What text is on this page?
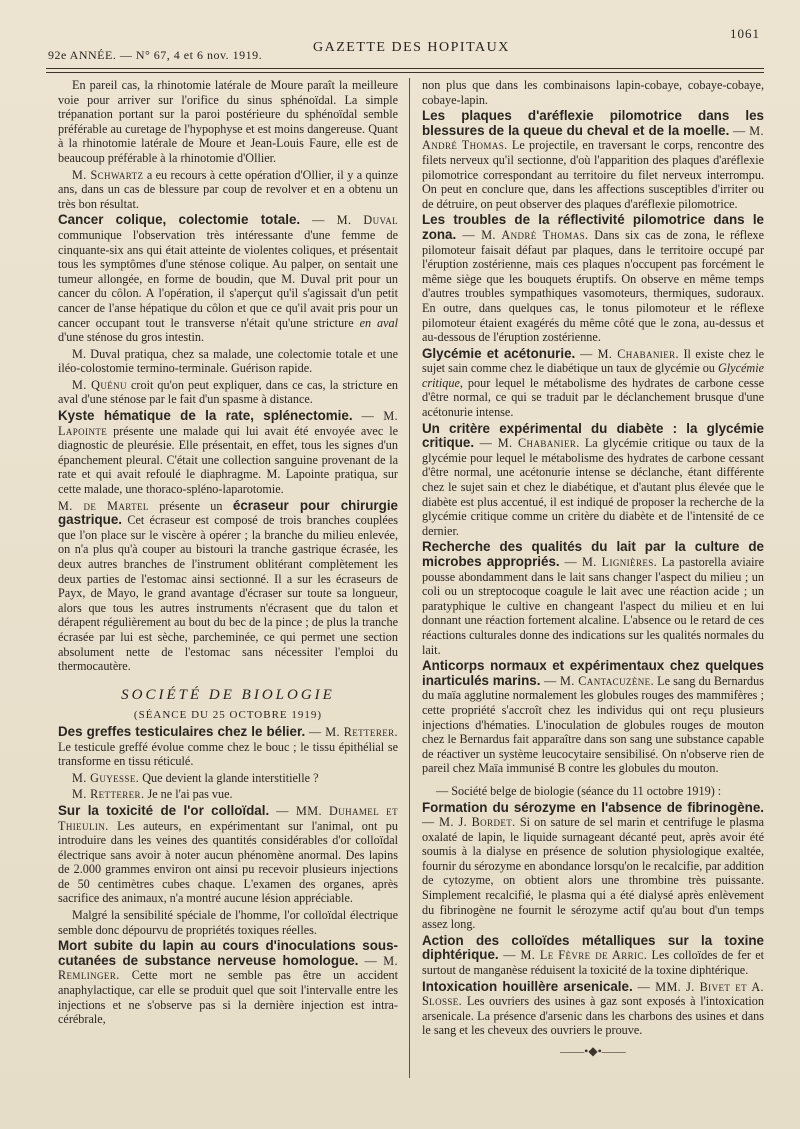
1061
92e ANNÉE. — N° 67, 4 et 6 nov. 1919.	GAZETTE DES HOPITAUX

En pareil cas, la rhinotomie latérale de Moure paraît la meilleure voie pour arriver sur l'orifice du sinus sphénoïdal. La simple trépanation portant sur la paroi postérieure du sphénoïdal semble préférable au curetage de l'hypophyse et est moins dangereuse. Quant à la rhinotomie latérale de Moure et Jean-Louis Faure, elle est de beaucoup préférable à la rhinotomie d'Ollier.

M. Schwartz a eu recours à cette opération d'Ollier, il y a quinze ans, dans un cas de blessure par coup de revolver et en a obtenu un très bon résultat.

Cancer colique, colectomie totale. — M. Duval communique l'observation très intéressante d'une femme de cinquante-six ans qui était atteinte de violentes coliques, et présentait tous les symptômes d'une sténose colique. Au palper, on sentait une tumeur allongée, en forme de boudin, que M. Duval prit pour un cancer du côlon. A l'opération, il s'aperçut qu'il s'agissait d'un petit cancer de l'anse hépatique du côlon et que ce qu'il avait pris pour un cancer occupant tout le transverse n'était qu'une stricture en aval d'une sténose du gros intestin.

M. Duval pratiqua, chez sa malade, une colectomie totale et une iléo-colostomie termino-terminale. Guérison rapide.

M. Quénu croit qu'on peut expliquer, dans ce cas, la stricture en aval d'une sténose par le fait d'un spasme à distance.

Kyste hématique de la rate, splénectomie. — M. Lapointe présente une malade qui lui avait été envoyée avec le diagnostic de pleurésie. Elle présentait, en effet, tous les signes d'un épanchement pleural. C'était une collection sanguine provenant de la rate et qui avait refoulé le diaphragme. M. Lapointe pratiqua, sur cette malade, une thoraco-spléno-laparotomie.

M. de Martel présente un écraseur pour chirurgie gastrique. Cet écraseur est composé de trois branches couplées que l'on place sur le viscère à opérer ; la branche du milieu enlevée, on n'a plus qu'à couper au bistouri la tranche gastrique écrasée, les deux autres branches de l'instrument oblitérant complètement les deux parties de l'estomac ainsi sectionné. Il a sur les écraseurs de Payx, de Mayo, le grand avantage d'écraser sur toute sa longueur, alors que tous les autres instruments n'écrasent que du talon et dérapent régulièrement au bout du bec de la pince ; de plus la tranche écrasée par lui est sèche, parcheminée, ce qui permet une section absolument nette de l'estomac sans nécessiter l'emploi du thermocautère.

SOCIÉTÉ DE BIOLOGIE
(SÉANCE DU 25 OCTOBRE 1919)

Des greffes testiculaires chez le bélier. — M. Retterer. Le testicule greffé évolue comme chez le bouc ; le tissu épithélial se transforme en tissu réticulé.

M. Guyesse. Que devient la glande interstitielle ?

M. Retterer. Je ne l'ai pas vue.

Sur la toxicité de l'or colloïdal. — MM. Duhamel et Thieulin. Les auteurs, en expérimentant sur l'animal, ont pu introduire dans les veines des quantités considérables d'or colloïdal électrique sans avoir à noter aucun phénomène anormal. Des lapins de 2.000 grammes environ ont ainsi pu recevoir plusieurs injections de 50 centimètres cubes chaque. L'examen des organes, après sacrifice des animaux, n'a montré aucune lésion appréciable.

Malgré la sensibilité spéciale de l'homme, l'or colloïdal électrique semble donc dépourvu de propriétés toxiques réelles.

Mort subite du lapin au cours d'inoculations sous-cutanées de substance nerveuse homologue. — M. Remlinger. Cette mort ne semble pas être un accident anaphylactique, car elle se produit quel que soit l'intervalle entre les injections et ne s'observe pas si la dernière injection est intra-cérébrale,

non plus que dans les combinaisons lapin-cobaye, cobaye-cobaye, cobaye-lapin.

Les plaques d'aréflexie pilomotrice dans les blessures de la queue du cheval et de la moelle. — M. André Thomas. Le projectile, en traversant le corps, rencontre des filets nerveux qu'il sectionne, d'où l'apparition des plaques d'aréflexie pilomotrice correspondant au territoire du filet nerveux interrompu. On peut en conclure que, dans les affections susceptibles d'irriter ou de détruire, on peut observer des plaques d'aréflexie pilomotrice.

Les troubles de la réflectivité pilomotrice dans le zona. — M. André Thomas. Dans six cas de zona, le réflexe pilomoteur faisait défaut par plaques, dans le territoire occupé par l'éruption zostérienne, mais ces plaques n'occupent pas forcément le même siège que les bouquets éruptifs. On observe en même temps d'autres troubles sympathiques vasomoteurs, thermiques, sudoraux. En outre, dans quelques cas, le tonus pilomoteur et le réflexe pilomoteur étaient exagérés du même côté que le zona, au-dessus et au-dessous de l'éruption zostérienne.

Glycémie et acétonurie. — M. Chabanier. Il existe chez le sujet sain comme chez le diabétique un taux de glycémie ou Glycémie critique, pour lequel le métabolisme des hydrates de carbone cesse d'être normal, ce qui se traduit par le déclanchement brusque d'une acétonurie intense.

Un critère expérimental du diabète : la glycémie critique. — M. Chabanier. La glycémie critique ou taux de la glycémie pour lequel le métabolisme des hydrates de carbone cessant d'être normal, une acétonurie intense se déclanche, étant différente chez le sujet sain et chez le diabétique, et d'autant plus élevée que le diabète est plus accentué, il est indiqué de proposer la recherche de la glycémie critique comme un critère du diabète et de l'intensité de ce dernier.

Recherche des qualités du lait par la culture de microbes appropriés. — M. Lignières. La pastorella aviaire pousse abondamment dans le lait sans changer l'aspect du milieu ; un coli ou un streptocoque coagule le lait avec une réaction acide ; un paratyphique le cultive en changeant l'aspect du milieu et en lui donnant une réaction fortement alcaline. L'absence ou le retard de ces réactions culturales donne des indications sur les qualités normales du lait.

Anticorps normaux et expérimentaux chez quelques inarticulés marins. — M. Cantacuzène. Le sang du Bernardus du maïa agglutine normalement les globules rouges des mammifères ; cette propriété s'accroît chez les individus qui ont reçu plusieurs injections d'hématies. L'inoculation de globules rouges de mouton chez le Bernardus fait apparaître dans son sang une substance capable de réactiver un système leucocytaire sensibilisé. On n'observe rien de pareil chez Maïa immunisé B contre les globules du mouton.

— Société belge de biologie (séance du 11 octobre 1919) :

Formation du sérozyme en l'absence de fibrinogène. — M. J. Bordet. Si on sature de sel marin et centrifuge le plasma oxalaté de lapin, le liquide surnageant décanté peut, après avoir été soumis à la dialyse en présence de solution physiologique exaltée, fournir du sérozyme en abondance lorsqu'on le recalcifie, par addition de cytozyme, on obtient alors une thrombine très puissante. Simplement recalcifié, le plasma qui a été dialysé après enlèvement du fibrinogène ne fournit le sérozyme actif qu'au bout d'un temps assez long.

Action des colloïdes métalliques sur la toxine diphtérique. — M. Le Fèvre de Arric. Les colloïdes de fer et surtout de manganèse réduisent la toxicité de la toxine diphtérique.

Intoxication houillère arsenicale. — MM. J. Bivet et A. Slosse. Les ouvriers des usines à gaz sont exposés à l'intoxication arsenicale. La présence d'arsenic dans les charbons des usines et dans le sang et les cheveux des ouvriers le prouve.

——•◆•——
